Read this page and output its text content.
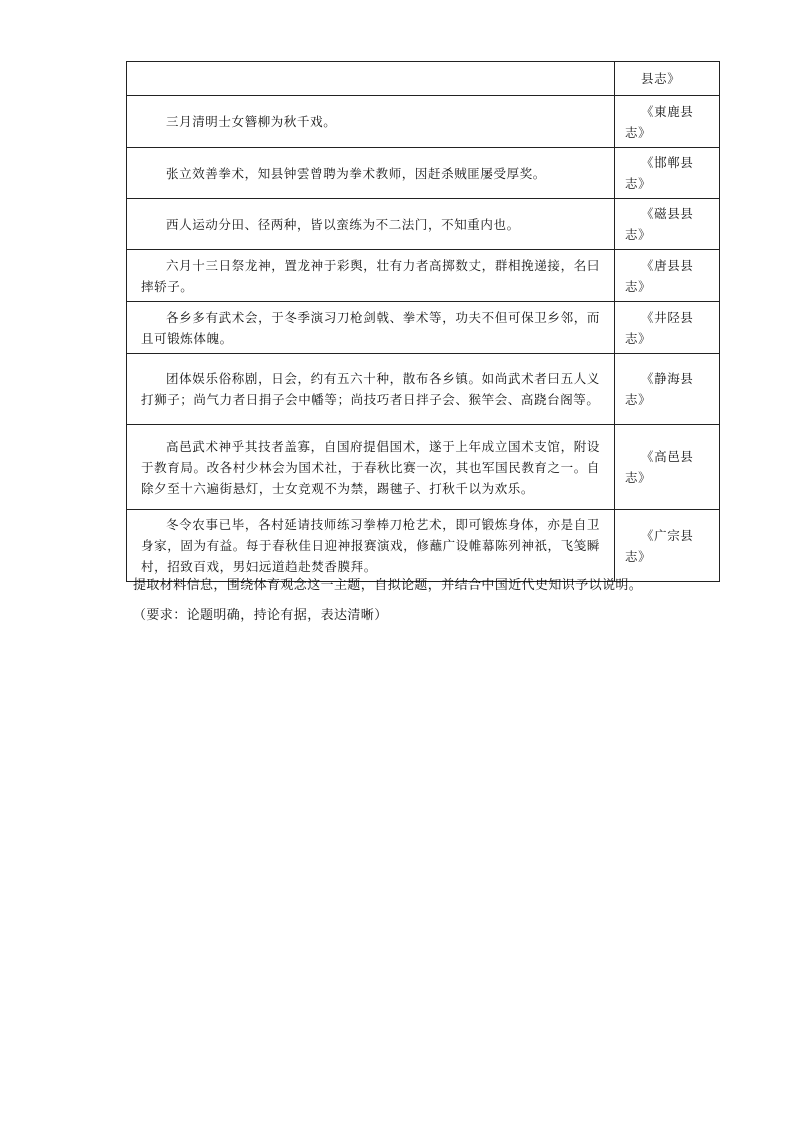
	县志》
三月清明士女簪柳为秋千戏。	《東鹿县志》
张立效善拳术，知县钟雲曾聘为拳术教师，因赶杀贼匪屡受厚奖。	《邯郸县志》
西人运动分田、径两种，皆以蛮练为不二法门，不知重内也。	《磁县县志》
六月十三日祭龙神，置龙神于彩舆，壮有力者高掷数丈，群相挽递接，名曰摔轿子。	《唐县县志》
各乡多有武术会，于冬季演习刀枪剑戟、拳术等，功夫不但可保卫乡邻，而且可锻炼体魄。	《井陉县志》
团体娱乐俗称剧，日会，约有五六十种，散布各乡镇。如尚武术者曰五人义打狮子；尚气力者日捐子会中幡等；尚技巧者日拌子会、猴竿会、高跷台阁等。	《静海县志》
高邑武术神乎其技者盖寡，自国府提倡国术，遂于上年成立国术支馆，附设于教育局。改各村少林会为国术社，于春秋比赛一次，其也军国民教育之一。自除夕至十六遍街悬灯，士女竞观不为禁，踢毽子、打秋千以为欢乐。	《高邑县志》
冬令农事已毕，各村延请技师练习拳棒刀枪艺术，即可锻炼身体，亦是自卫身家，固为有益。每于春秋佳日迎神报赛演戏，修蘸广设帷幕陈列神祇，飞笺瞬村，招致百戏，男妇远道趋赴焚香膜拜。	《广宗县志》
提取材料信息，围绕体育观念这一主题，自拟论题，并结合中国近代史知识予以说明。
（要求：论题明确，持论有据，表达清晰）
